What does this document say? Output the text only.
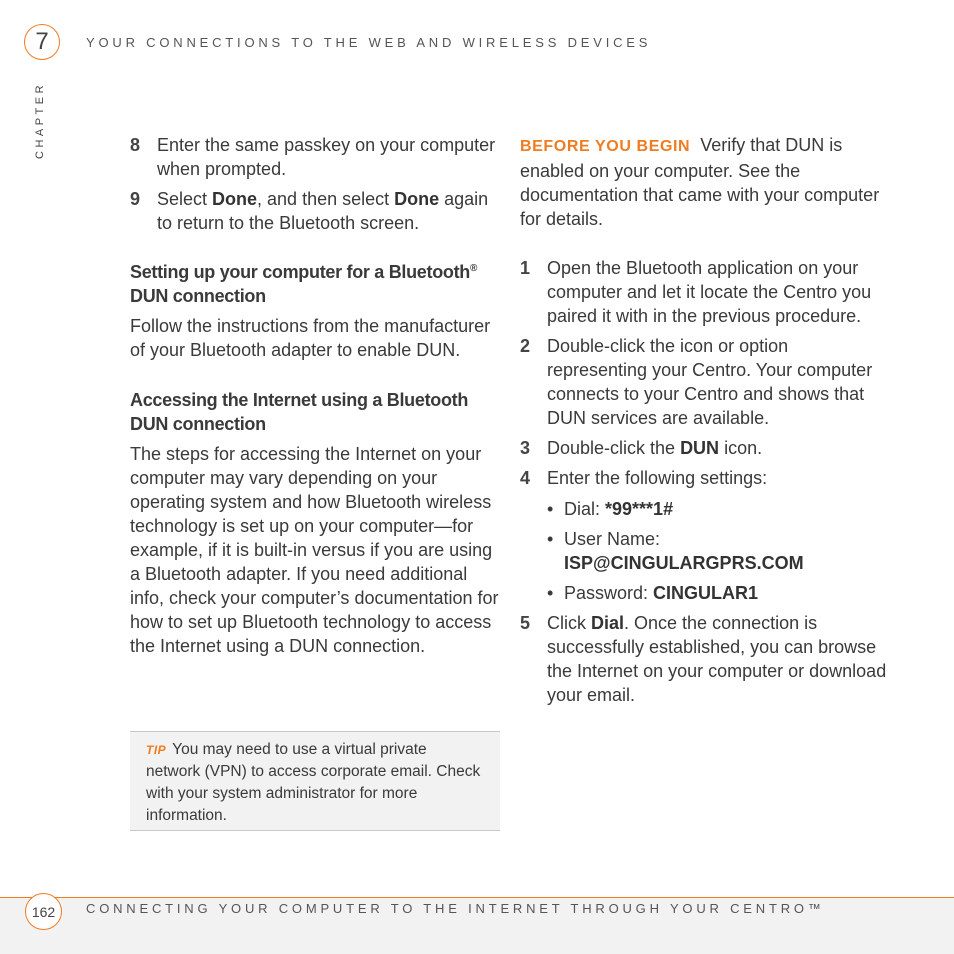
7
CHAPTER
YOUR CONNECTIONS TO THE WEB AND WIRELESS DEVICES
8 Enter the same passkey on your computer when prompted.
9 Select Done, and then select Done again to return to the Bluetooth screen.

Setting up your computer for a Bluetooth® DUN connection

Follow the instructions from the manufacturer of your Bluetooth adapter to enable DUN.

Accessing the Internet using a Bluetooth DUN connection

The steps for accessing the Internet on your computer may vary depending on your operating system and how Bluetooth wireless technology is set up on your computer—for example, if it is built-in versus if you are using a Bluetooth adapter. If you need additional info, check your computer’s documentation for how to set up Bluetooth technology to access the Internet using a DUN connection.

TIP You may need to use a virtual private network (VPN) to access corporate email. Check with your system administrator for more information.

BEFORE YOU BEGIN Verify that DUN is enabled on your computer. See the documentation that came with your computer for details.

1 Open the Bluetooth application on your computer and let it locate the Centro you paired it with in the previous procedure.
2 Double-click the icon or option representing your Centro. Your computer connects to your Centro and shows that DUN services are available.
3 Double-click the DUN icon.
4 Enter the following settings:
• Dial: *99***1#
• User Name:
ISP@CINGULARGPRS.COM
• Password: CINGULAR1
5 Click Dial. Once the connection is successfully established, you can browse the Internet on your computer or download your email.
162 CONNECTING YOUR COMPUTER TO THE INTERNET THROUGH YOUR CENTRO™
